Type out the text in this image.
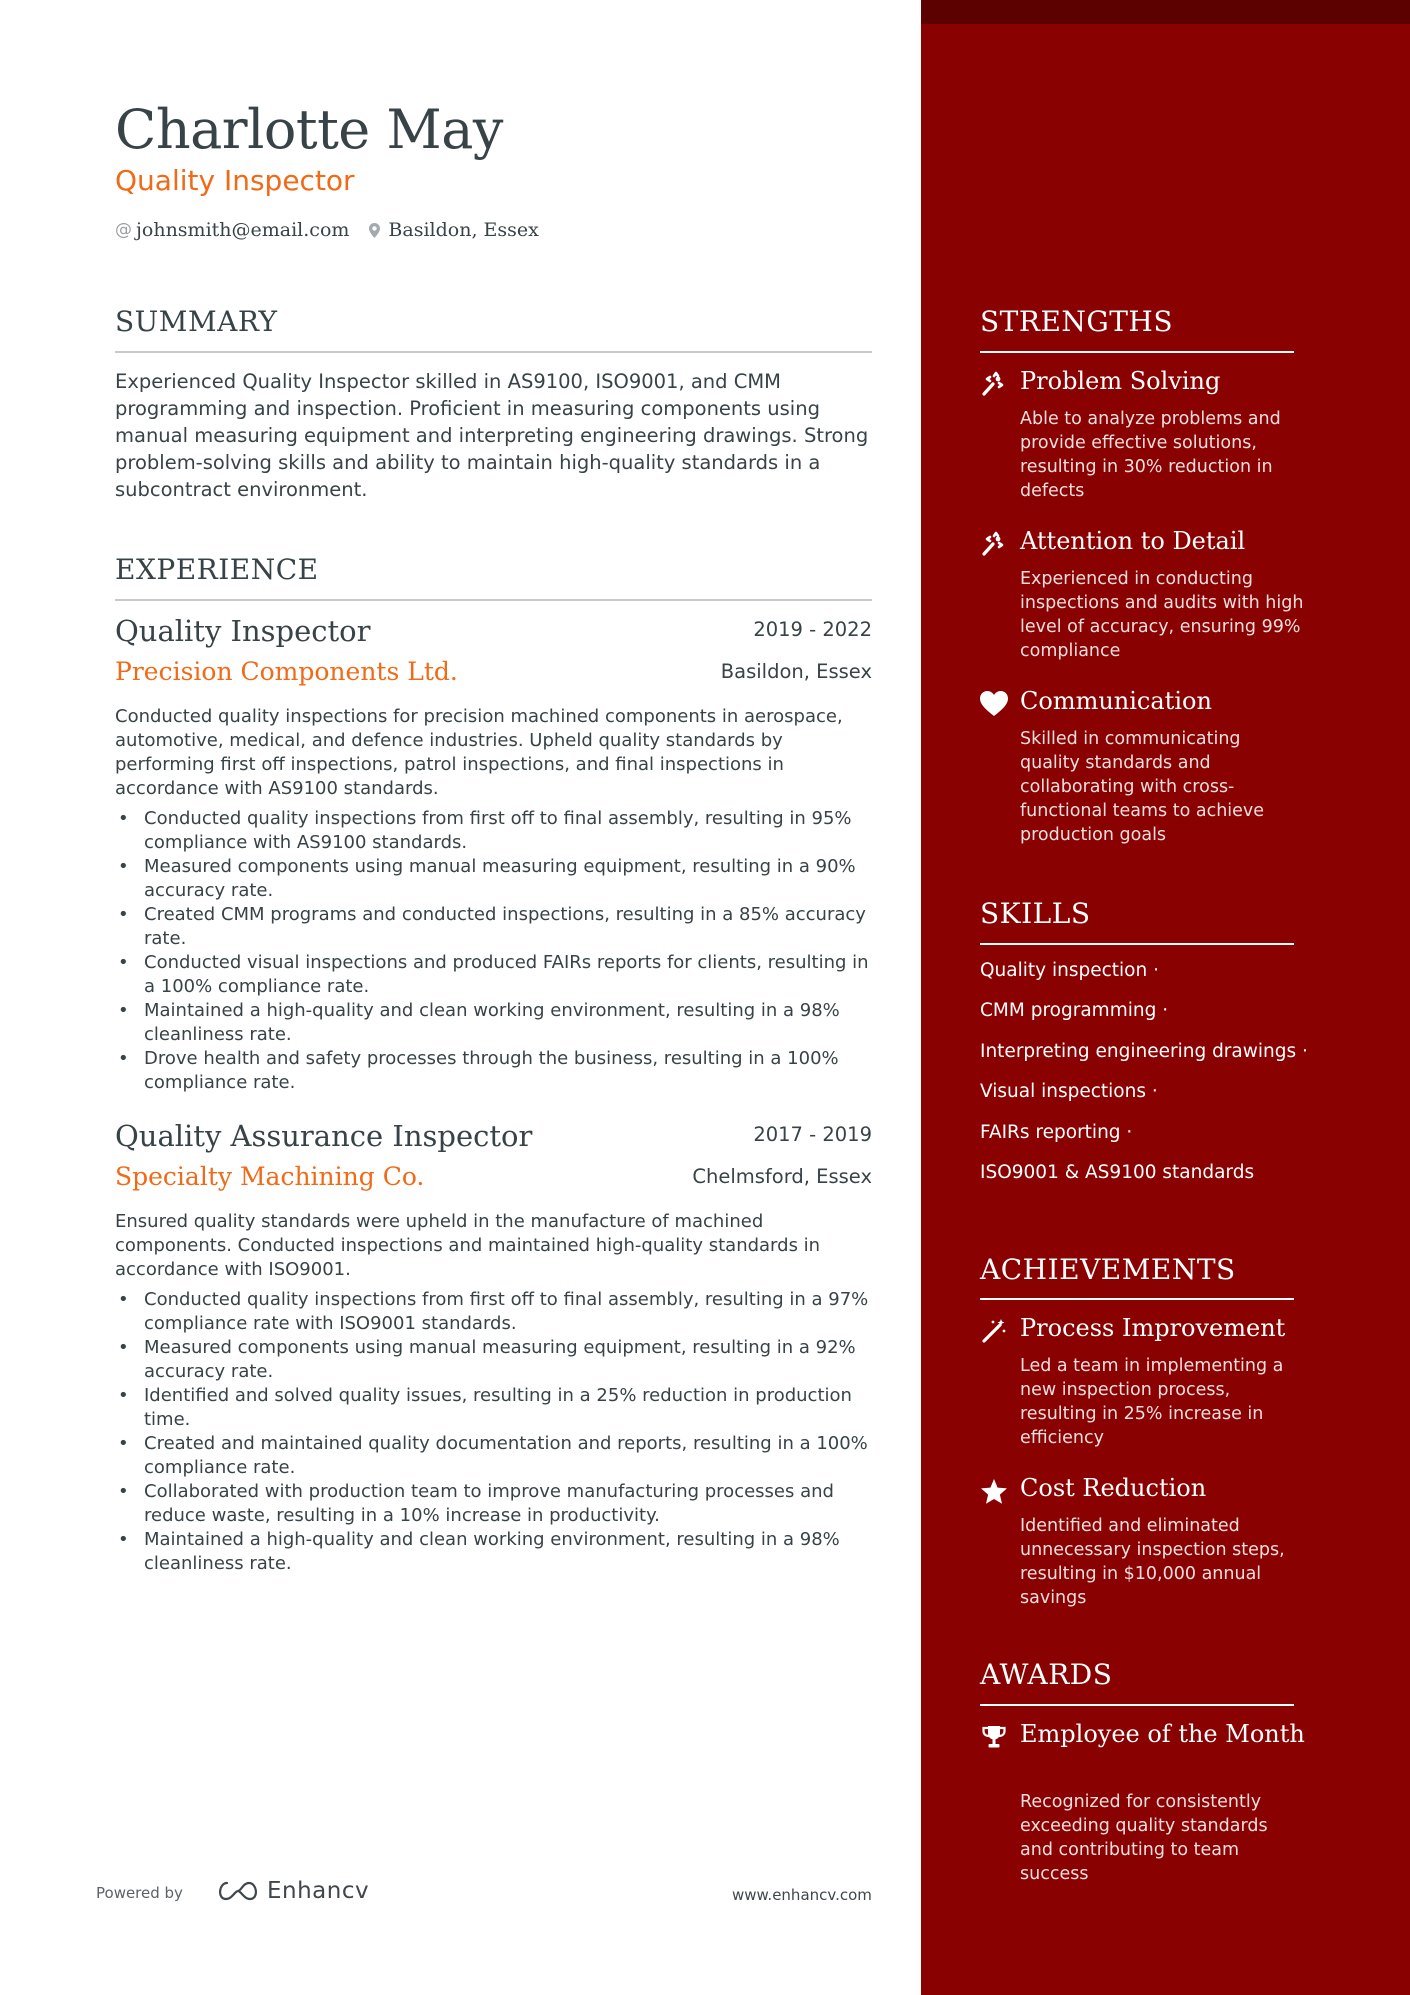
Charlotte May
Quality Inspector
@ johnsmith@email.com Basildon, Essex
SUMMARY
Experienced Quality Inspector skilled in AS9100, ISO9001, and CMM programming and inspection. Proficient in measuring components using manual measuring equipment and interpreting engineering drawings. Strong problem-solving skills and ability to maintain high-quality standards in a subcontract environment.
EXPERIENCE
Quality Inspector	2019 - 2022
Precision Components Ltd.	Basildon, Essex
Conducted quality inspections for precision machined components in aerospace, automotive, medical, and defence industries. Upheld quality standards by performing first off inspections, patrol inspections, and final inspections in accordance with AS9100 standards.
• Conducted quality inspections from first off to final assembly, resulting in 95% compliance with AS9100 standards.
• Measured components using manual measuring equipment, resulting in a 90% accuracy rate.
• Created CMM programs and conducted inspections, resulting in a 85% accuracy rate.
• Conducted visual inspections and produced FAIRs reports for clients, resulting in a 100% compliance rate.
• Maintained a high-quality and clean working environment, resulting in a 98% cleanliness rate.
• Drove health and safety processes through the business, resulting in a 100% compliance rate.
Quality Assurance Inspector	2017 - 2019
Specialty Machining Co.	Chelmsford, Essex
Ensured quality standards were upheld in the manufacture of machined components. Conducted inspections and maintained high-quality standards in accordance with ISO9001.
• Conducted quality inspections from first off to final assembly, resulting in a 97% compliance rate with ISO9001 standards.
• Measured components using manual measuring equipment, resulting in a 92% accuracy rate.
• Identified and solved quality issues, resulting in a 25% reduction in production time.
• Created and maintained quality documentation and reports, resulting in a 100% compliance rate.
• Collaborated with production team to improve manufacturing processes and reduce waste, resulting in a 10% increase in productivity.
• Maintained a high-quality and clean working environment, resulting in a 98% cleanliness rate.
STRENGTHS
Problem Solving
Able to analyze problems and provide effective solutions, resulting in 30% reduction in defects
Attention to Detail
Experienced in conducting inspections and audits with high level of accuracy, ensuring 99% compliance
Communication
Skilled in communicating quality standards and collaborating with cross-functional teams to achieve production goals
SKILLS
Quality inspection ·
CMM programming ·
Interpreting engineering drawings ·
Visual inspections ·
FAIRs reporting ·
ISO9001 & AS9100 standards
ACHIEVEMENTS
Process Improvement
Led a team in implementing a new inspection process, resulting in 25% increase in efficiency
Cost Reduction
Identified and eliminated unnecessary inspection steps, resulting in $10,000 annual savings
AWARDS
Employee of the Month
Recognized for consistently exceeding quality standards and contributing to team success
Powered by	Enhancv	www.enhancv.com
